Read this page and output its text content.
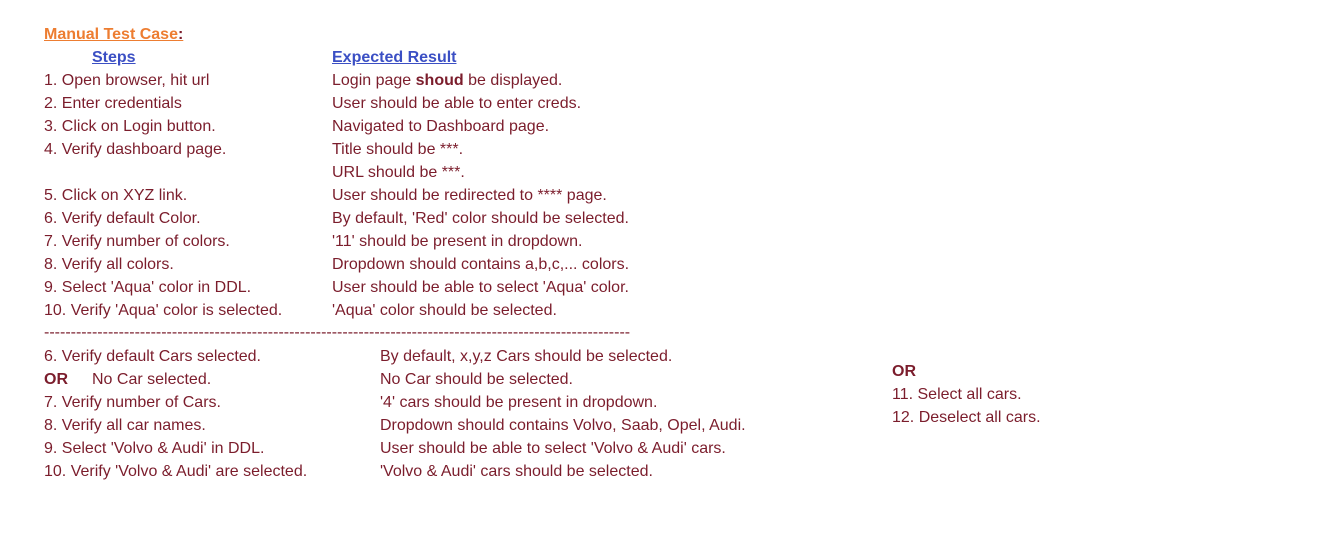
Manual Test Case:
Steps	Expected Result
1. Open browser, hit url
2. Enter credentials
3. Click on Login button.
4. Verify dashboard page.
5. Click on XYZ link.
6. Verify default Color.
7. Verify number of colors.
8. Verify all colors.
9. Select 'Aqua' color in DDL.
10. Verify 'Aqua' color is selected.
Login page shoud be displayed.
User should be able to enter creds.
Navigated to Dashboard page.
Title should be ***.
URL should be ***.
User should be redirected to **** page.
By default, 'Red' color should be selected.
'11' should be present in dropdown.
Dropdown should contains a,b,c,... colors.
User should be able to select 'Aqua' color.
'Aqua' color should be selected.
--------------------------------------------------------------------------------------------------------------
6. Verify default Cars selected.
OR No Car selected.
7. Verify number of Cars.
8. Verify all car names.
9. Select 'Volvo & Audi' in DDL.
10. Verify 'Volvo & Audi' are selected.
By default, x,y,z Cars should be selected.
No Car should be selected.
'4' cars should be present in dropdown.
Dropdown should contains Volvo, Saab, Opel, Audi.
User should be able to select 'Volvo & Audi' cars.
'Volvo & Audi' cars should be selected.
OR
11. Select all cars.
12. Deselect all cars.
